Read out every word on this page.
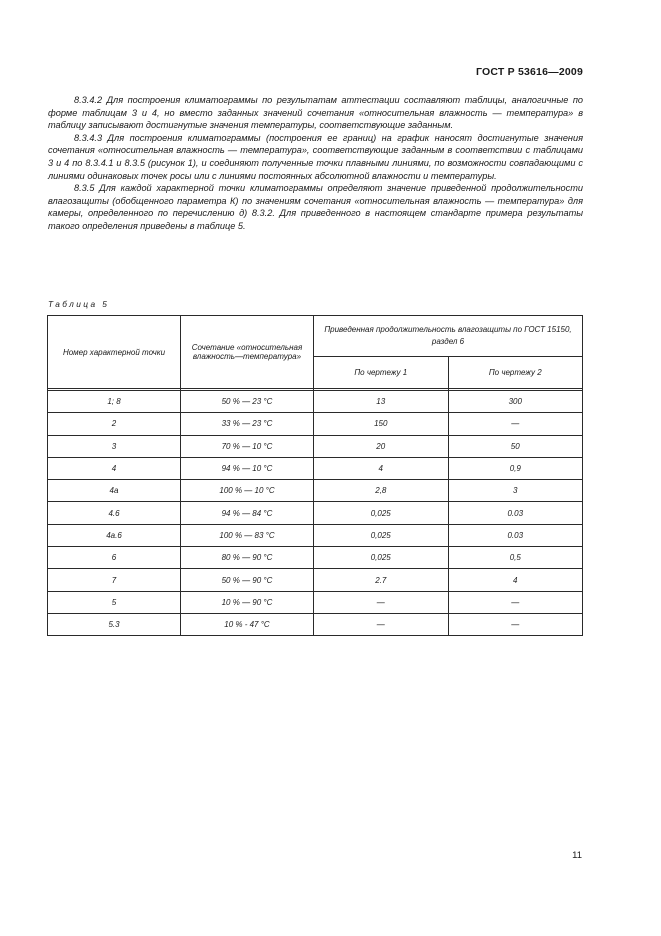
ГОСТ Р 53616—2009

8.3.4.2 Для построения климатограммы по результатам аттестации составляют таблицы, аналогичные по форме таблицам 3 и 4, но вместо заданных значений сочетания «относительная влажность — температура» в таблицу записывают достигнутые значения температуры, соответствующие заданным.

8.3.4.3 Для построения климатограммы (построения ее границ) на график наносят достигнутые значения сочетания «относительная влажность — температура», соответствующие заданным в соответствии с таблицами 3 и 4 по 8.3.4.1 и 8.3.5 (рисунок 1), и соединяют полученные точки плавными линиями, по возможности совпадающими с линиями одинаковых точек росы или с линиями постоянных абсолютной влажности и температуры.

8.3.5 Для каждой характерной точки климатограммы определяют значение приведенной продолжительности влагозащиты (обобщенного параметра К) по значениям сочетания «относительная влажность — температура» для камеры, определенного по перечислению д) 8.3.2. Для приведенного в настоящем стандарте примера результаты такого определения приведены в таблице 5.

Таблица 5
Номер характерной точки	Сочетание «относительная влажность—температура»	Приведенная продолжительность влагозащиты по ГОСТ 15150, раздел 6	
		По чертежу 1	По чертежу 2

1; 8	50 % — 23 °С	13	300
2	33 % — 23 °С	150	—
3	70 % — 10 °С	20	50
4	94 % — 10 °С	4	0,9
4а	100 % — 10 °С	2,8	3
4.6	94 % — 84 °С	0,025	0.03
4а.6	100 % — 83 °С	0,025	0.03
6	80 % — 90 °С	0,025	0,5
7	50 % — 90 °С	2.7	4
5	10 % — 90 °С	—	—
5.3	10 % - 47 °С	—	—
11
